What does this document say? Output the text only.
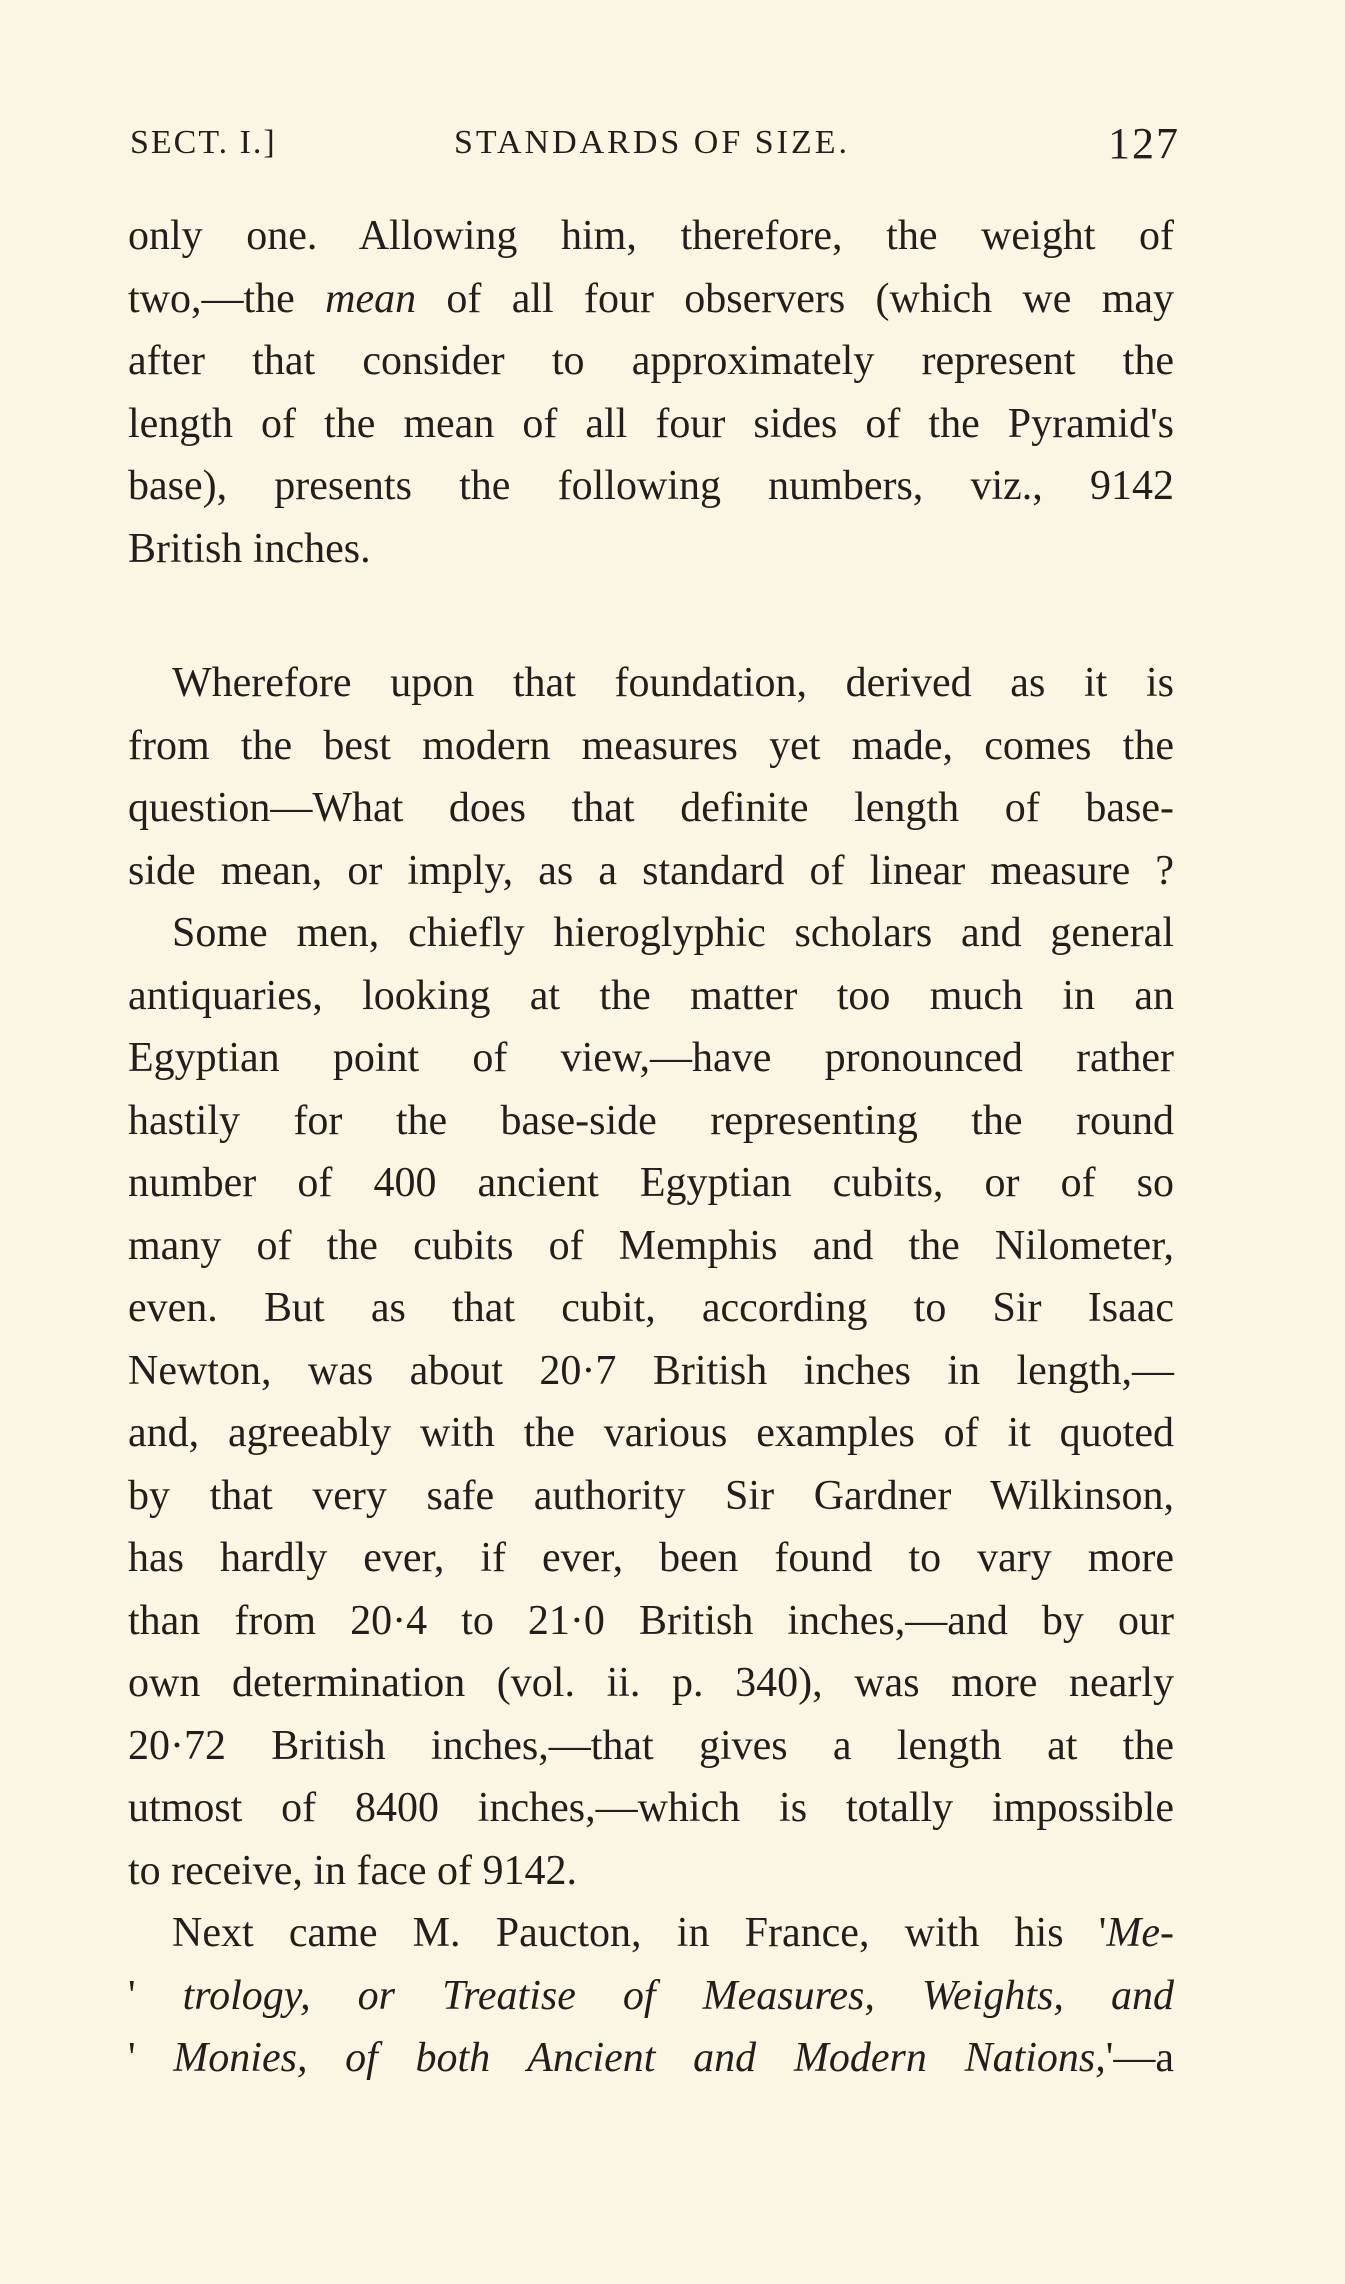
SECT. I.]	STANDARDS OF SIZE.	127
only one. Allowing him, therefore, the weight of
two,—the mean of all four observers (which we may
after that consider to approximately represent the
length of the mean of all four sides of the Pyramid's
base), presents the following numbers, viz., 9142
British inches.
Wherefore upon that foundation, derived as it is
from the best modern measures yet made, comes the
question—What does that definite length of base-
side mean, or imply, as a standard of linear measure ?
Some men, chiefly hieroglyphic scholars and general
antiquaries, looking at the matter too much in an
Egyptian point of view,—have pronounced rather
hastily for the base-side representing the round
number of 400 ancient Egyptian cubits, or of so
many of the cubits of Memphis and the Nilometer,
even. But as that cubit, according to Sir Isaac
Newton, was about 20·7 British inches in length,—
and, agreeably with the various examples of it quoted
by that very safe authority Sir Gardner Wilkinson,
has hardly ever, if ever, been found to vary more
than from 20·4 to 21·0 British inches,—and by our
own determination (vol. ii. p. 340), was more nearly
20·72 British inches,—that gives a length at the
utmost of 8400 inches,—which is totally impossible
to receive, in face of 9142.
Next came M. Paucton, in France, with his 'Me-
' trology, or Treatise of Measures, Weights, and
' Monies, of both Ancient and Modern Nations,'—a
